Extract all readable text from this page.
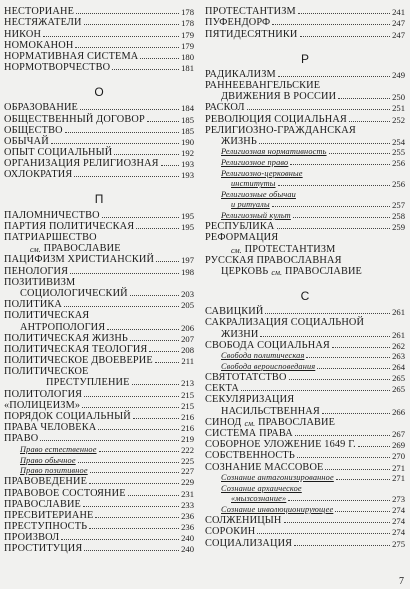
НЕСТОРИАНЕ	178
НЕСТЯЖАТЕЛИ	178
НИКОН	179
НОМОКАНОН	179
НОРМАТИВНАЯ СИСТЕМА	180
НОРМОТВОРЧЕСТВО	181
О
ОБРАЗОВАНИЕ	184
ОБЩЕСТВЕННЫЙ ДОГОВОР	185
ОБЩЕСТВО	185
ОБЫЧАЙ	190
ОПЫТ СОЦИАЛЬНЫЙ	192
ОРГАНИЗАЦИЯ РЕЛИГИОЗНАЯ	193
ОХЛОКРАТИЯ	193
П
ПАЛОМНИЧЕСТВО	195
ПАРТИЯ ПОЛИТИЧЕСКАЯ	195
ПАТРИАРШЕСТВО
см. ПРАВОСЛАВИЕ
ПАЦИФИЗМ ХРИСТИАНСКИЙ	197
ПЕНОЛОГИЯ	198
ПОЗИТИВИЗМ
СОЦИОЛОГИЧЕСКИЙ	203
ПОЛИТИКА	205
ПОЛИТИЧЕСКАЯ
АНТРОПОЛОГИЯ	206
ПОЛИТИЧЕСКАЯ ЖИЗНЬ	207
ПОЛИТИЧЕСКАЯ ТЕОЛОГИЯ	208
ПОЛИТИЧЕСКОЕ ДВОЕВЕРИЕ	211
ПОЛИТИЧЕСКОЕ
ПРЕСТУПЛЕНИЕ	213
ПОЛИТОЛОГИЯ	215
«ПОЛИЦЕИЗМ»	215
ПОРЯДОК СОЦИАЛЬНЫЙ	216
ПРАВА ЧЕЛОВЕКА	216
ПРАВО	219
Право естественное	222
Право обычное	225
Право позитивное	227
ПРАВОВЕДЕНИЕ	229
ПРАВОВОЕ СОСТОЯНИЕ	231
ПРАВОСЛАВИЕ	233
ПРЕСВИТЕРИАНЕ	236
ПРЕСТУПНОСТЬ	236
ПРОИЗВОЛ	240
ПРОСТИТУЦИЯ	240
ПРОТЕСТАНТИЗМ	241
ПУФЕНДОРФ	247
ПЯТИДЕСЯТНИКИ	247
Р
РАДИКАЛИЗМ	249
РАННЕЕВАНГЕЛЬСКИЕ
ДВИЖЕНИЯ В РОССИИ	250
РАСКОЛ	251
РЕВОЛЮЦИЯ СОЦИАЛЬНАЯ	252
РЕЛИГИОЗНО-ГРАЖДАНСКАЯ
ЖИЗНЬ	254
Религиозная нормативность	255
Религиозное право	256
Религиозно-церковные
институты	256
Религиозные обычаи
и ритуалы	257
Религиозный культ	258
РЕСПУБЛИКА	259
РЕФОРМАЦИЯ
см. ПРОТЕСТАНТИЗМ
РУССКАЯ ПРАВОСЛАВНАЯ
ЦЕРКОВЬ см. ПРАВОСЛАВИЕ
С
САВИЦКИЙ	261
САКРАЛИЗАЦИЯ СОЦИАЛЬНОЙ
ЖИЗНИ	261
СВОБОДА СОЦИАЛЬНАЯ	262
Свобода политическая	263
Свобода вероисповедания	264
СВЯТОТАТСТВО	265
СЕКТА	265
СЕКУЛЯРИЗАЦИЯ
НАСИЛЬСТВЕННАЯ	266
СИНОД см. ПРАВОСЛАВИЕ
СИСТЕМА ПРАВА	267
СОБОРНОЕ УЛОЖЕНИЕ 1649 Г.	269
СОБСТВЕННОСТЬ	270
СОЗНАНИЕ МАССОВОЕ	271
Сознание антагонизированное	271
Сознание архаическое
«мызсознание»	273
Сознание инволюционирующее	274
СОЛЖЕНИЦЫН	274
СОРОКИН	274
СОЦИАЛИЗАЦИЯ	275
7
